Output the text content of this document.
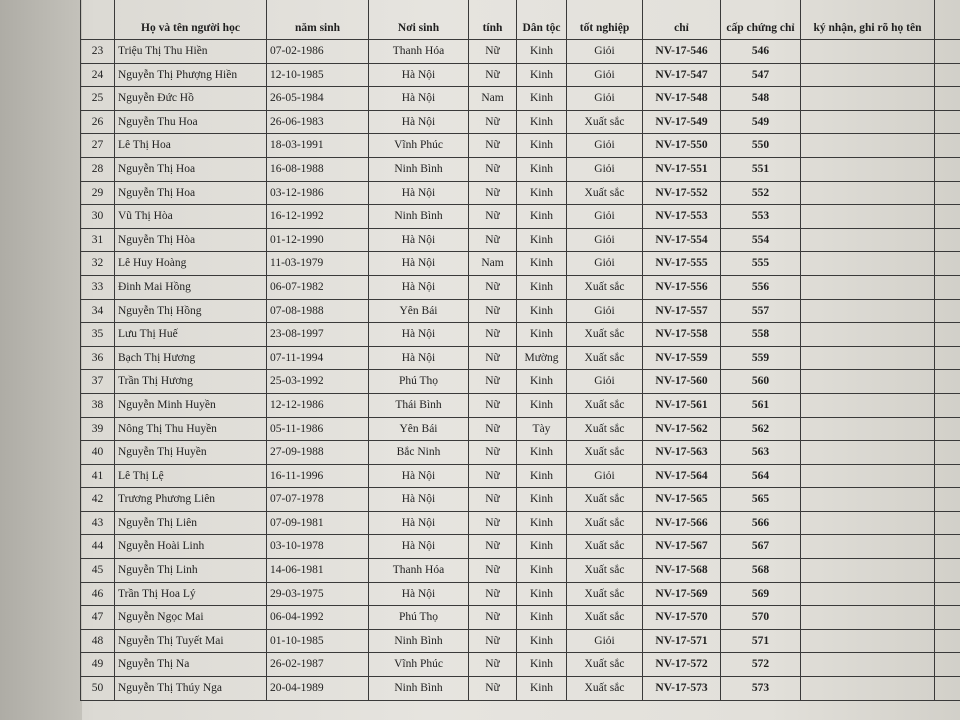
	Họ và tên người học	năm sinh	Nơi sinh	tính	Dân tộc	tốt nghiệp	chỉ	cấp chứng chỉ	ký nhận, ghi rõ họ tên	
23	Triệu Thị Thu Hiền	07-02-1986	Thanh Hóa	Nữ	Kinh	Giỏi	NV-17-546	546		
24	Nguyễn Thị Phượng Hiền	12-10-1985	Hà Nội	Nữ	Kinh	Giỏi	NV-17-547	547		
25	Nguyễn Đức Hồ	26-05-1984	Hà Nội	Nam	Kinh	Giỏi	NV-17-548	548		
26	Nguyễn Thu Hoa	26-06-1983	Hà Nội	Nữ	Kinh	Xuất sắc	NV-17-549	549		
27	Lê Thị Hoa	18-03-1991	Vĩnh Phúc	Nữ	Kinh	Giỏi	NV-17-550	550		
28	Nguyễn Thị Hoa	16-08-1988	Ninh Bình	Nữ	Kinh	Giỏi	NV-17-551	551		
29	Nguyễn Thị Hoa	03-12-1986	Hà Nội	Nữ	Kinh	Xuất sắc	NV-17-552	552		
30	Vũ Thị Hòa	16-12-1992	Ninh Bình	Nữ	Kinh	Giỏi	NV-17-553	553		
31	Nguyễn Thị Hòa	01-12-1990	Hà Nội	Nữ	Kinh	Giỏi	NV-17-554	554		
32	Lê Huy Hoàng	11-03-1979	Hà Nội	Nam	Kinh	Giỏi	NV-17-555	555		
33	Đinh Mai Hồng	06-07-1982	Hà Nội	Nữ	Kinh	Xuất sắc	NV-17-556	556		
34	Nguyễn Thị Hồng	07-08-1988	Yên Bái	Nữ	Kinh	Giỏi	NV-17-557	557		
35	Lưu Thị Huế	23-08-1997	Hà Nội	Nữ	Kinh	Xuất sắc	NV-17-558	558		
36	Bạch Thị Hương	07-11-1994	Hà Nội	Nữ	Mường	Xuất sắc	NV-17-559	559		
37	Trần Thị Hương	25-03-1992	Phú Thọ	Nữ	Kinh	Giỏi	NV-17-560	560		
38	Nguyễn Minh Huyền	12-12-1986	Thái Bình	Nữ	Kinh	Xuất sắc	NV-17-561	561		
39	Nông Thị Thu Huyền	05-11-1986	Yên Bái	Nữ	Tày	Xuất sắc	NV-17-562	562		
40	Nguyễn Thị Huyền	27-09-1988	Bắc Ninh	Nữ	Kinh	Xuất sắc	NV-17-563	563		
41	Lê Thị Lệ	16-11-1996	Hà Nội	Nữ	Kinh	Giỏi	NV-17-564	564		
42	Trương Phương Liên	07-07-1978	Hà Nội	Nữ	Kinh	Xuất sắc	NV-17-565	565		
43	Nguyễn Thị Liên	07-09-1981	Hà Nội	Nữ	Kinh	Xuất sắc	NV-17-566	566		
44	Nguyễn Hoài Linh	03-10-1978	Hà Nội	Nữ	Kinh	Xuất sắc	NV-17-567	567		
45	Nguyễn Thị Linh	14-06-1981	Thanh Hóa	Nữ	Kinh	Xuất sắc	NV-17-568	568		
46	Trần Thị Hoa Lý	29-03-1975	Hà Nội	Nữ	Kinh	Xuất sắc	NV-17-569	569		
47	Nguyễn Ngọc Mai	06-04-1992	Phú Thọ	Nữ	Kinh	Xuất sắc	NV-17-570	570		
48	Nguyễn Thị Tuyết Mai	01-10-1985	Ninh Bình	Nữ	Kinh	Giỏi	NV-17-571	571		
49	Nguyễn Thị Na	26-02-1987	Vĩnh Phúc	Nữ	Kinh	Xuất sắc	NV-17-572	572		
50	Nguyễn Thị Thúy Nga	20-04-1989	Ninh Bình	Nữ	Kinh	Xuất sắc	NV-17-573	573		
